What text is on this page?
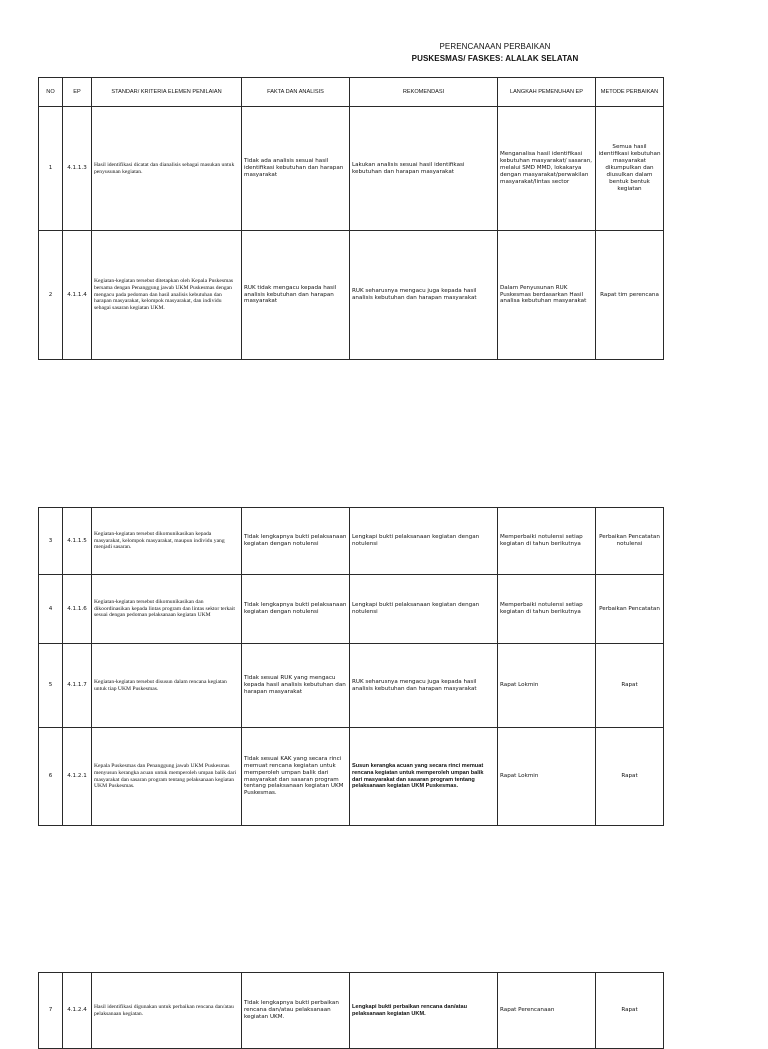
PERENCANAAN PERBAIKAN
PUSKESMAS/ FASKES: ALALAK SELATAN
NO	EP	STANDAR/ KRITERIA ELEMEN PENILAIAN	FAKTA DAN ANALISIS	REKOMENDASI	LANGKAH PEMENUHAN EP	METODE PERBAIKAN
1	4.1.1.3	Hasil identifikasi dicatat dan dianalisis sebagai masukan untuk penyusunan kegiatan.	Tidak ada analisis sesuai hasil identifikasi kebutuhan dan harapan masyarakat	Lakukan analisis sesuai hasil identifikasi kebutuhan dan harapan masyarakat	Menganalisa hasil identifikasi kebutuhan masyarakat/ sasaran, melalui SMD MMD, lokakarya dengan masyarakat/perwakilan masyarakat/lintas sector	Semua hasil identifikasi kebutuhan masyarakat dikumpulkan dan diusulkan dalam bentuk bentuk kegiatan
2	4.1.1.4	Kegiatan-kegiatan tersebut ditetapkan oleh Kepala Puskesmas bersama dengan Penanggung jawab UKM Puskesmas dengan mengacu pada pedoman dan hasil analisis kebutuhan dan harapan masyarakat, kelompok masyarakat, dan individu sebagai sasaran kegiatan UKM.	RUK tidak mengacu kepada hasil analisis kebutuhan dan harapan masyarakat	RUK seharusnya mengacu juga kepada hasil analisis kebutuhan dan harapan masyarakat	Dalam Penyusunan RUK Puskesmas berdasarkan Hasil analisa kebutuhan masyarakat	Rapat tim perencana
3	4.1.1.5	Kegiatan-kegiatan tersebut dikomunikasikan kepada masyarakat, kelompok masyarakat, maupun individu yang menjadi sasaran.	Tidak lengkapnya bukti pelaksanaan kegiatan dengan notulensi	Lengkapi bukti pelaksanaan kegiatan dengan notulensi	Memperbaiki notulensi setiap kegiatan di tahun berikutnya	Perbaikan Pencatatan notulensi
4	4.1.1.6	Kegiatan-kegiatan tersebut dikomunikasikan dan dikoordinasikan kepada lintas program dan lintas sektor terkait sesuai dengan pedoman pelaksanaan kegiatan UKM	Tidak lengkapnya bukti pelaksanaan kegiatan dengan notulensi	Lengkapi bukti pelaksanaan kegiatan dengan notulensi	Memperbaiki notulensi setiap kegiatan di tahun berikutnya	Perbaikan Pencatatan
5	4.1.1.7	Kegiatan-kegiatan tersebut disusun dalam rencana kegiatan untuk tiap UKM Puskesmas.	Tidak sesuai RUK yang mengacu kepada hasil analisis kebutuhan dan harapan masyarakat	RUK seharusnya mengacu juga kepada hasil analisis kebutuhan dan harapan masyarakat	Rapat Lokmin	Rapat
6	4.1.2.1	Kepala Puskesmas dan Penanggung jawab UKM Puskesmas menyusun kerangka acuan untuk memperoleh umpan balik dari masyarakat dan sasaran program tentang pelaksanaan kegiatan UKM Puskesmas.	Tidak sesuai KAK yang secara rinci memuat rencana kegiatan untuk memperoleh umpan balik dari masyarakat dan sasaran program tentang pelaksanaan kegiatan UKM Puskesmas.	Susun kerangka acuan yang secara rinci memuat rencana kegiatan untuk memperoleh umpan balik dari masyarakat dan sasaran program tentang pelaksanaan kegiatan UKM Puskesmas.	Rapat Lokmin	Rapat
7	4.1.2.4	Hasil identifikasi digunakan untuk perbaikan rencana dan/atau pelaksanaan kegiatan.	Tidak lengkapnya bukti perbaikan rencana dan/atau pelaksanaan kegiatan UKM.	Lengkapi bukti perbaikan rencana dan/atau pelaksanaan kegiatan UKM.	Rapat Perencanaan	Rapat
